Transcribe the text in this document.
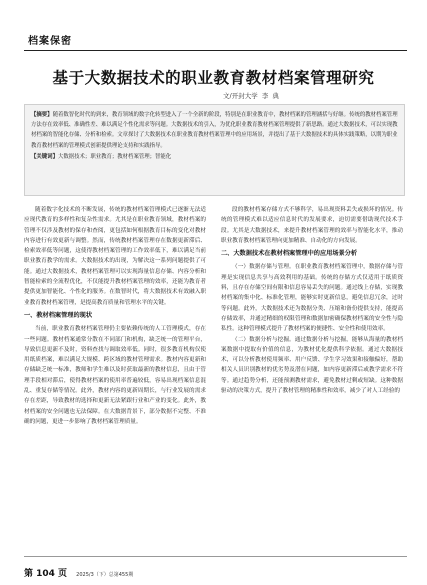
档案保密
基于大数据技术的职业教育教材档案管理研究
文/开封大学  李  典
【摘要】随着数智化时代的到来，教育领域的数字化转型进入了一个全新的阶段，特别是在职业教育中，教材档案的管理涵括与好继。传统的教材档案管理方法存在效率低、准确性差、难以满足个性化需求等问题。大数据技术的引入，为优化职业教育教材档案管理提供了新思路。通过大数据技术，可以实现教材档案的智能化存储、分析和检索。文章探讨了大数据技术在职业教育教材档案管理中的应用场景，并提出了基于大数据技术的具体实践策略，以期为职业教育教材档案的管理模式创新提供理论支持和实践指导。
【关键词】大数据技术；职业教育；教材档案管理；智能化

随着数字化技术的不断发展，传统的教材档案管理模式已逐渐无法适应现代教育的多样性和复杂性需求。尤其是在职业教育领域，教材档案的管理不仅涉及教材的保存和查阅，更包括如何根据教育目标的变化对教材内容进行有效更新与调整。然而，传统教材档案管理存在数据更新滞后、检索效率低等问题，这使得教材档案管理的工作效率低下，难以满足当前职业教育教学的需求。大数据技术的出现，为解决这一系列问题提供了可能。通过大数据技术，教材档案管理可以实现海量信息存储、内容分析和智能检索的全流程优化，不仅能提升教材档案管理的效率，还能为教育者提供更加智能化、个性化的服务。在数智时代，将大数据技术有效融入职业教育教材档案管理，是提高教育质量和管理水平的关键。

一、教材档案管理的现状

当前，职业教育教材档案管理仍主要依赖传统的人工管理模式，存在一些问题。教材档案通常分散在不同部门和机构，缺乏统一的管理平台，导致信息更新不及时，资料查找与调取效率低。同时，很多教育机构仅使用纸质档案，难以满足大规模、跨区域的教材管理需求。教材内容更新和存储缺乏统一标准，教师和学生难以及时获取最新的教材信息，且由于管理手段相对滞后，使得教材档案的使用率普遍较低，容易出现档案信息混乱、重复存储等情况。此外，教材内容的更新周期长，与行业发展的需求存在差距，导致教材的选择和更新无法紧跟行业和产业的变化。此外，教材档案的安全问题也无法保障。在大数据背景下，部分数据不完整、不准确的问题，更进一步影响了教材档案管理质量。

段的教材档案存储方式不够科学，易出现资料丢失或损坏的情况。传统的管理模式难以适应信息时代的发展要求，迫切需要借助现代技术手段。尤其是大数据技术，来提升教材档案管理的效率与智能化水平，推动职业教育教材档案管理向更加精准、自动化的方向发展。

二、大数据技术在教材档案管理中的应用场景分析

（一）数据存储与管理。在职业教育教材档案管理中，数据存储与管理是实现信息共享与高效利用的基础。传统的存储方式仅适用于纸质资料，且存在存储空间有限和信息容易丢失的问题。通过线上存储，实现教材档案的集中化、标准化管理，能够实时更新信息，避免信息冗余，过时等问题。此外，大数据技术还为数据分类、压缩和备份提供支持，能提高存储效率，并通过精细的权限管理和数据加密确保教材档案的安全性与隐私性。这种管理模式提升了教材档案的便捷性、安全性和使用效率。

（二）数据分析与挖掘。通过数据分析与挖掘，能够从海量的教材档案数据中提取有价值的信息，为教材优化提供科学依据。通过大数据技术，可以分析教材使用频率、用户反馈、学生学习效果和接触偏好，帮助相关人员识别教材的优劣势及潜在问题，如内容更新滞后或教学需求不符等。通过趋势分析，还能预测教材需求，避免教材过剩或短缺。这种数据驱动的决策方式，提升了教材管理的精准性和效率，减少了对人工经验的

第 104 页 2025/3（下）总第455期
